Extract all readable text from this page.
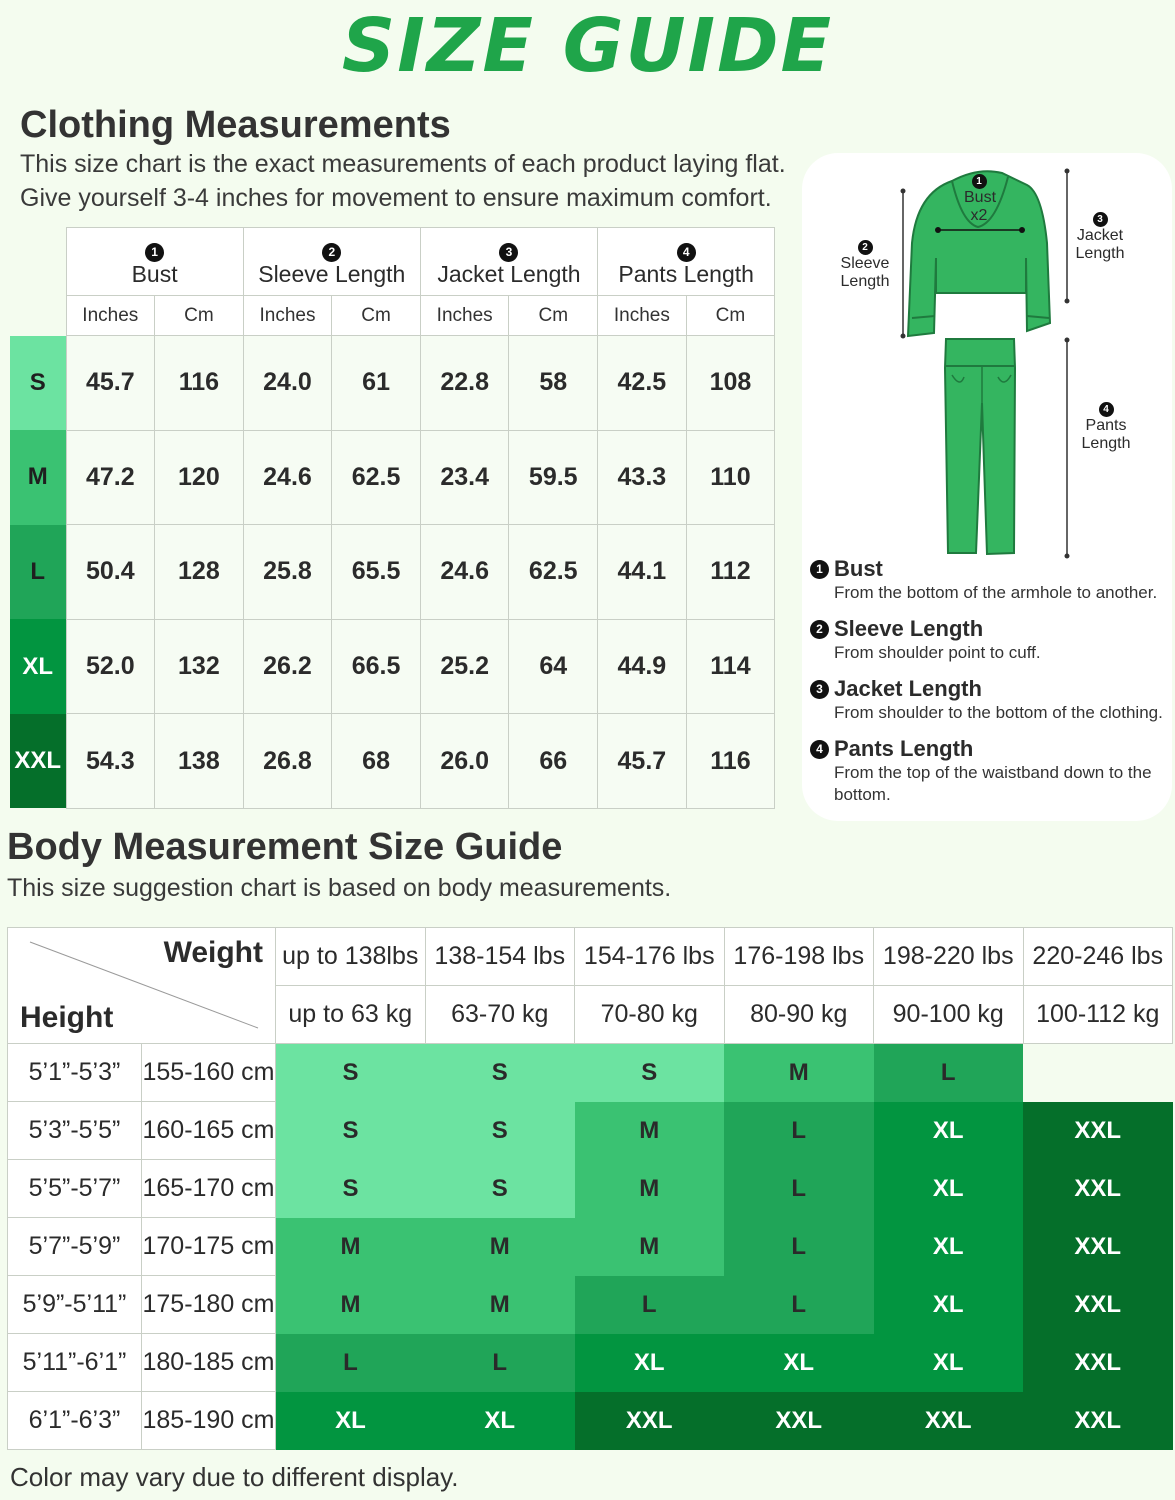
SIZE GUIDE
Clothing Measurements
This size chart is the exact measurements of each product laying flat.
Give yourself 3-4 inches for movement to ensure maximum comfort.
	1
Bust		2
Sleeve Length		3
Jacket Length		4
Pants Length	
	Inches	Cm	Inches	Cm	Inches	Cm	Inches	Cm
S	45.7	116	24.0	61	22.8	58	42.5	108
M	47.2	120	24.6	62.5	23.4	59.5	43.3	110
L	50.4	128	25.8	65.5	24.6	62.5	44.1	112
XL	52.0	132	26.2	66.5	25.2	64	44.9	114
XXL	54.3	138	26.8	68	26.0	66	45.7	116
1
Bust
x2
2
Sleeve
Length
3
Jacket
Length
4
Pants
Length
1 Bust
From the bottom of the armhole to another.
2 Sleeve Length
From shoulder point to cuff.
3 Jacket Length
From shoulder to the bottom of the clothing.
4 Pants Length
From the top of the waistband down to the bottom.
Body Measurement Size Guide
This size suggestion chart is based on body measurements.
Weight
Height		up to 138lbs	138-154 lbs	154-176 lbs	176-198 lbs	198-220 lbs	220-246 lbs
		up to 63 kg	63-70 kg	70-80 kg	80-90 kg	90-100 kg	100-112 kg
5’1”-5’3”	155-160 cm	S	S	S	M	L	
5’3”-5’5”	160-165 cm	S	S	M	L	XL	XXL
5’5”-5’7”	165-170 cm	S	S	M	L	XL	XXL
5’7”-5’9”	170-175 cm	M	M	M	L	XL	XXL
5’9”-5’11”	175-180 cm	M	M	L	L	XL	XXL
5’11”-6’1”	180-185 cm	L	L	XL	XL	XL	XXL
6’1”-6’3”	185-190 cm	XL	XL	XXL	XXL	XXL	XXL
Color may vary due to different display.
